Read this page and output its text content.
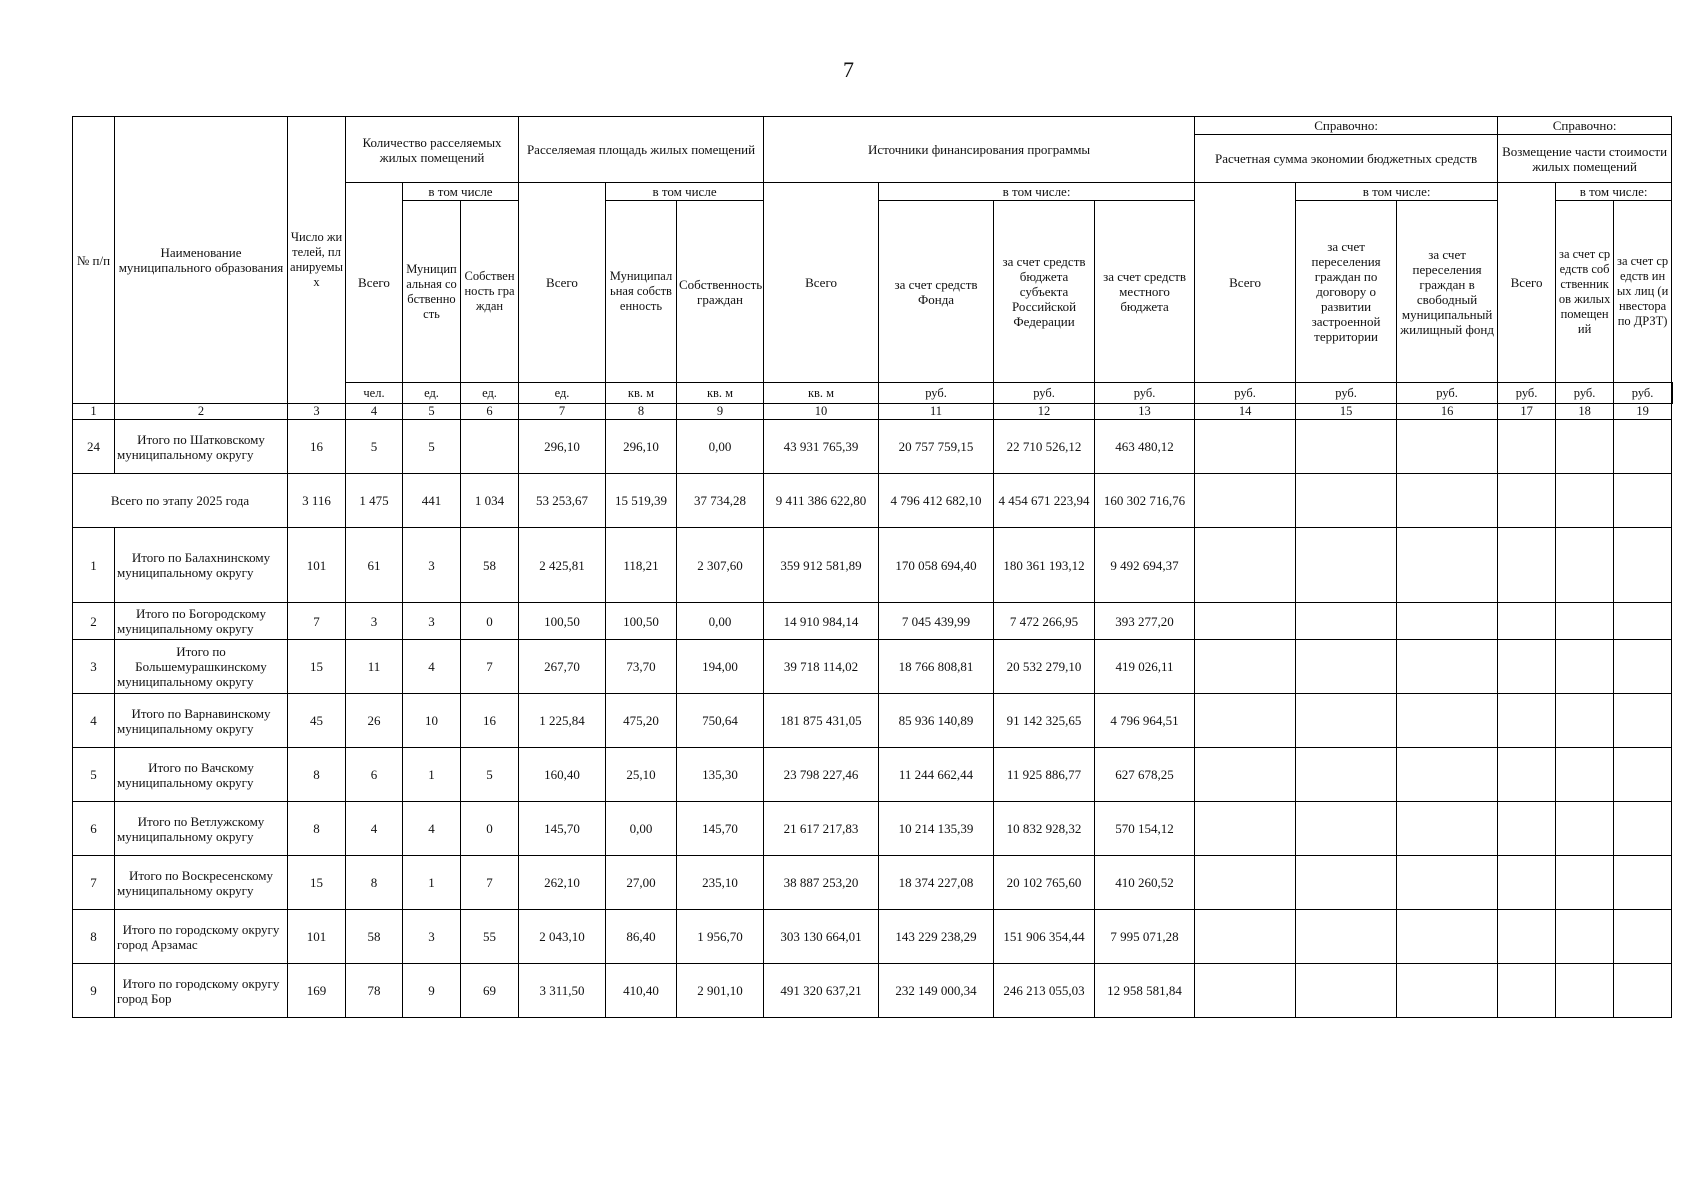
7
№ п/п	Наименование муниципального образования	Число жителей, планируемых	Количество расселяемых жилых помещений			Расселяемая площадь жилых помещений			Источники финансирования программы				Справочно:			Справочно:			
													Расчетная сумма экономии бюджетных средств			Возмещение части стоимости жилых помещений			
			Всего	в том числе		Всего	в том числе		Всего	в том числе:			Всего	в том числе:		Всего	в том числе:		
				Муниципальная собственность	Собственность граждан		Муниципальная собственность	Собственность граждан		за счет средств Фонда	за счет средств бюджета субъекта Российской Федерации	за счет средств местного бюджета		за счет переселения граждан по договору о развитии застроенной территории	за счет переселения граждан в свободный муниципальный жилищный фонд		за счет средств собственников жилых помещений	за счет средств иных лиц (инвестора по ДРЗТ)	
			чел.	ед.	ед.	ед.	кв. м	кв. м	кв. м	руб.	руб.	руб.	руб.	руб.	руб.	руб.	руб.	руб.	
1	2	3	4	5	6	7	8	9	10	11	12	13	14	15	16	17	18	19	
24	Итого по Шатковскому муниципальному округу	16	5	5		296,10	296,10	0,00	43 931 765,39	20 757 759,15	22 710 526,12	463 480,12							
Всего по этапу 2025 года		3 116	1 475	441	1 034	53 253,67	15 519,39	37 734,28	9 411 386 622,80	4 796 412 682,10	4 454 671 223,94	160 302 716,76							
1	Итого по Балахнинскому муниципальному округу	101	61	3	58	2 425,81	118,21	2 307,60	359 912 581,89	170 058 694,40	180 361 193,12	9 492 694,37							
2	Итого по Богородскому муниципальному округу	7	3	3	0	100,50	100,50	0,00	14 910 984,14	7 045 439,99	7 472 266,95	393 277,20							
3	Итого по Большемурашкинскому муниципальному округу	15	11	4	7	267,70	73,70	194,00	39 718 114,02	18 766 808,81	20 532 279,10	419 026,11							
4	Итого по Варнавинскому муниципальному округу	45	26	10	16	1 225,84	475,20	750,64	181 875 431,05	85 936 140,89	91 142 325,65	4 796 964,51							
5	Итого по Вачскому муниципальному округу	8	6	1	5	160,40	25,10	135,30	23 798 227,46	11 244 662,44	11 925 886,77	627 678,25							
6	Итого по Ветлужскому муниципальному округу	8	4	4	0	145,70	0,00	145,70	21 617 217,83	10 214 135,39	10 832 928,32	570 154,12							
7	Итого по Воскресенскому муниципальному округу	15	8	1	7	262,10	27,00	235,10	38 887 253,20	18 374 227,08	20 102 765,60	410 260,52							
8	Итого по городскому округу город Арзамас	101	58	3	55	2 043,10	86,40	1 956,70	303 130 664,01	143 229 238,29	151 906 354,44	7 995 071,28							
9	Итого по городскому округу город Бор	169	78	9	69	3 311,50	410,40	2 901,10	491 320 637,21	232 149 000,34	246 213 055,03	12 958 581,84							
